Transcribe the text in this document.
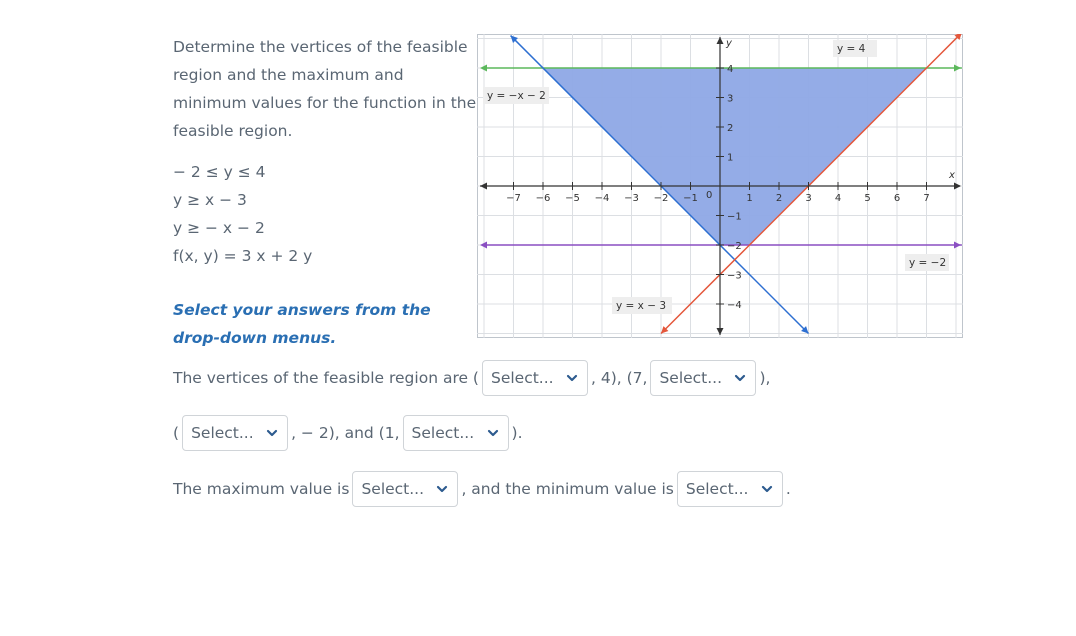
Determine the vertices of the feasible region and the maximum and minimum values for the function in the feasible region.
− 2 ≤ y ≤ 4
y ≥ x − 3
y ≥ − x − 2
f(x, y) = 3 x + 2 y
Select your answers from the drop-down menus.
−7 −6 −5 −4 −3 −2 −1	1 2 3 4 5 6 7
4
3
2
1
−1
−2
−3
−4
x
y
0
y = 4
y = −2
y = −x − 2
y = x − 3
The vertices of the feasible region are ( Select... , 4), (7, Select... ),
( Select... , − 2), and (1, Select... ).
The maximum value is Select... , and the minimum value is Select... .
